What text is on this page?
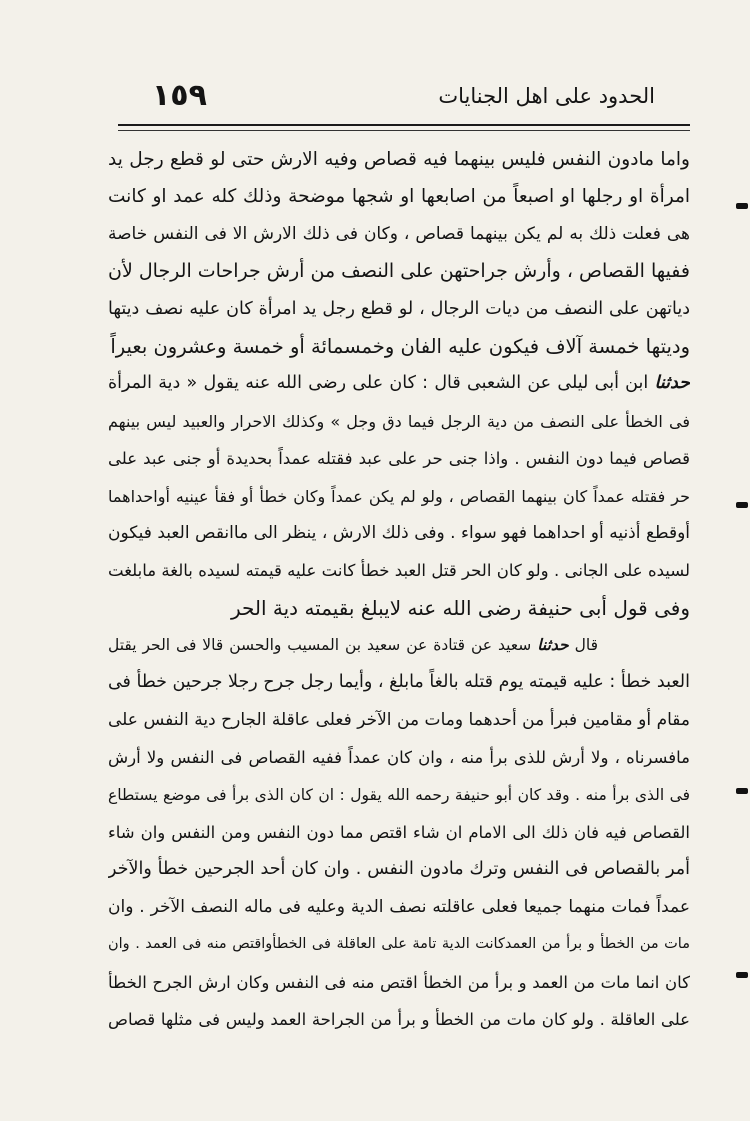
الحدود على اهل الجنايات
١٥٩
واما مادون النفس فليس بينهما فيه قصاص وفيه الارش حتى لو قطع رجل يد
امرأة او رجلها او اصبعاً من اصابعها او شجها موضحة وذلك كله عمد او كانت
هى فعلت ذلك به لم يكن بينهما قصاص ، وكان فى ذلك الارش الا فى النفس خاصة
ففيها القصاص ، وأرش جراحتهن على النصف من أرش جراحات الرجال لأن
دياتهن على النصف من ديات الرجال ، لو قطع رجل يد امرأة كان عليه نصف ديتها
وديتها خمسة آلاف فيكون عليه الفان وخمسمائة أو خمسة وعشرون بعيراً
حدثنا ابن أبى ليلى عن الشعبى قال : كان على رضى الله عنه يقول « دية المرأة
فى الخطأ على النصف من دية الرجل فيما دق وجل » وكذلك الاحرار والعبيد ليس بينهم
قصاص فيما دون النفس . واذا جنى حر على عبد فقتله عمداً بحديدة أو جنى عبد على
حر فقتله عمداً كان بينهما القصاص ، ولو لم يكن عمداً وكان خطأ أو فقأ عينيه أواحداهما
أوقطع أذنيه أو احداهما فهو سواء . وفى ذلك الارش ، ينظر الى ماانقص العبد فيكون
لسيده على الجانى . ولو كان الحر قتل العبد خطأ كانت عليه قيمته لسيده بالغة مابلغت
وفى قول أبى حنيفة رضى الله عنه لايبلغ بقيمته دية الحر
قال حدثنا سعيد عن قتادة عن سعيد بن المسيب والحسن قالا فى الحر يقتل
العبد خطأ : عليه قيمته يوم قتله بالغاً مابلغ ، وأيما رجل جرح رجلا جرحين خطأ فى
مقام أو مقامين فبرأ من أحدهما ومات من الآخر فعلى عاقلة الجارح دية النفس على
مافسرناه ، ولا أرش للذى برأ منه ، وان كان عمداً ففيه القصاص فى النفس ولا أرش
فى الذى برأ منه . وقد كان أبو حنيفة رحمه الله يقول : ان كان الذى برأ فى موضع يستطاع
القصاص فيه فان ذلك الى الامام ان شاء اقتص مما دون النفس ومن النفس وان شاء
أمر بالقصاص فى النفس وترك مادون النفس . وان كان أحد الجرحين خطأ والآخر
عمداً فمات منهما جميعا فعلى عاقلته نصف الدية وعليه فى ماله النصف الآخر . وان
مات من الخطأ و برأ من العمدكانت الدية تامة على العاقلة فى الخطأواقتص منه فى العمد . وان
كان انما مات من العمد و برأ من الخطأ اقتص منه فى النفس وكان ارش الجرح الخطأ
على العاقلة . ولو كان مات من الخطأ و برأ من الجراحة العمد وليس فى مثلها قصاص
